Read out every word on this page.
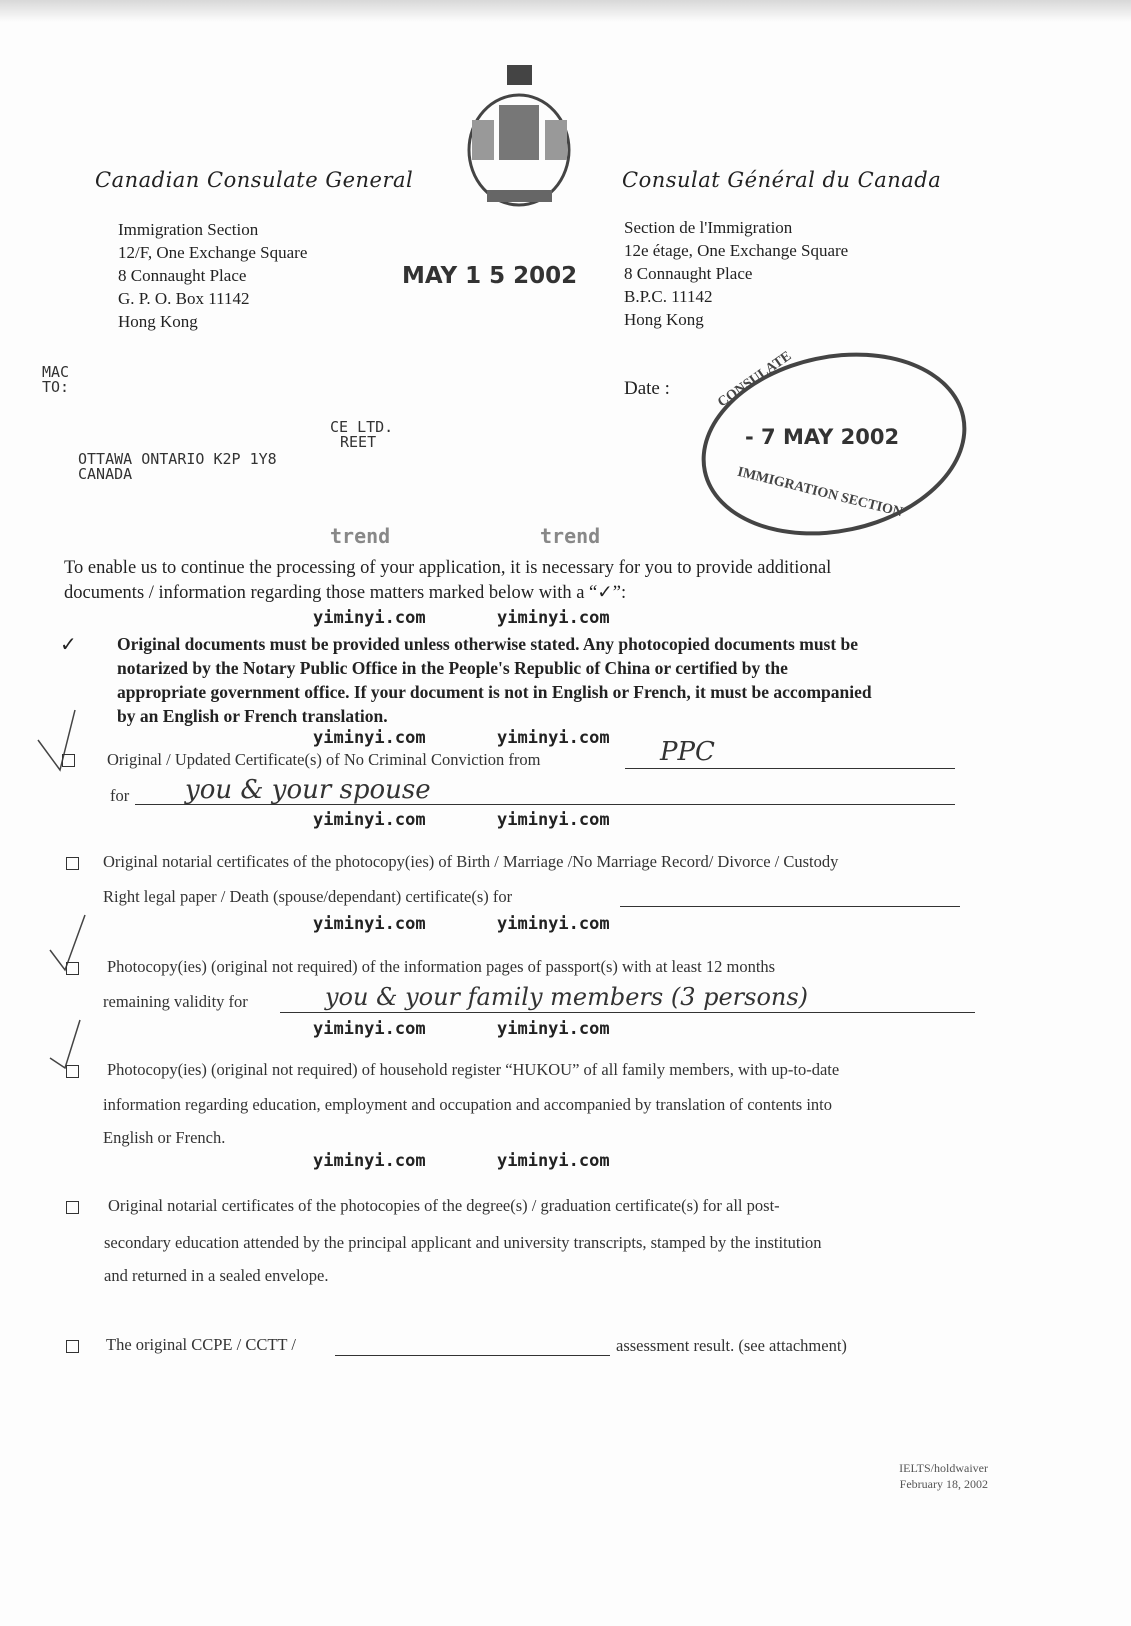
Canadian Consulate General	Consulat Général du Canada
Immigration Section
12/F, One Exchange Square
8 Connaught Place
G. P. O. Box 11142
Hong Kong
Section de l'Immigration
12e étage, One Exchange Square
8 Connaught Place
B.P.C. 11142
Hong Kong
MAY 1 5 2002
MAC
TO:
CE LTD.
REET
OTTAWA ONTARIO K2P 1Y8
CANADA
Date :	CONSULATE
- 7 MAY 2002
IMMIGRATION SECTION
trend	trend
To enable us to continue the processing of your application, it is necessary for you to provide additional
documents / information regarding those matters marked below with a “✓”:
yiminyi.com	yiminyi.com
✓ Original documents must be provided unless otherwise stated. Any photocopied documents must be
notarized by the Notary Public Office in the People's Republic of China or certified by the
appropriate government office. If your document is not in English or French, it must be accompanied
by an English or French translation.
yiminyi.com	yiminyi.com
Original / Updated Certificate(s) of No Criminal Conviction from	PPC
for you & your spouse
yiminyi.com	yiminyi.com
Original notarial certificates of the photocopy(ies) of Birth / Marriage /No Marriage Record/ Divorce / Custody
Right legal paper / Death (spouse/dependant) certificate(s) for
yiminyi.com	yiminyi.com
Photocopy(ies) (original not required) of the information pages of passport(s) with at least 12 months
remaining validity for	you & your family members (3 persons)
yiminyi.com	yiminyi.com
Photocopy(ies) (original not required) of household register “HUKOU” of all family members, with up-to-date
information regarding education, employment and occupation and accompanied by translation of contents into
English or French.
yiminyi.com	yiminyi.com
Original notarial certificates of the photocopies of the degree(s) / graduation certificate(s) for all post-
secondary education attended by the principal applicant and university transcripts, stamped by the institution
and returned in a sealed envelope.
The original CCPE / CCTT /	assessment result. (see attachment)
IELTS/holdwaiver
February 18, 2002
